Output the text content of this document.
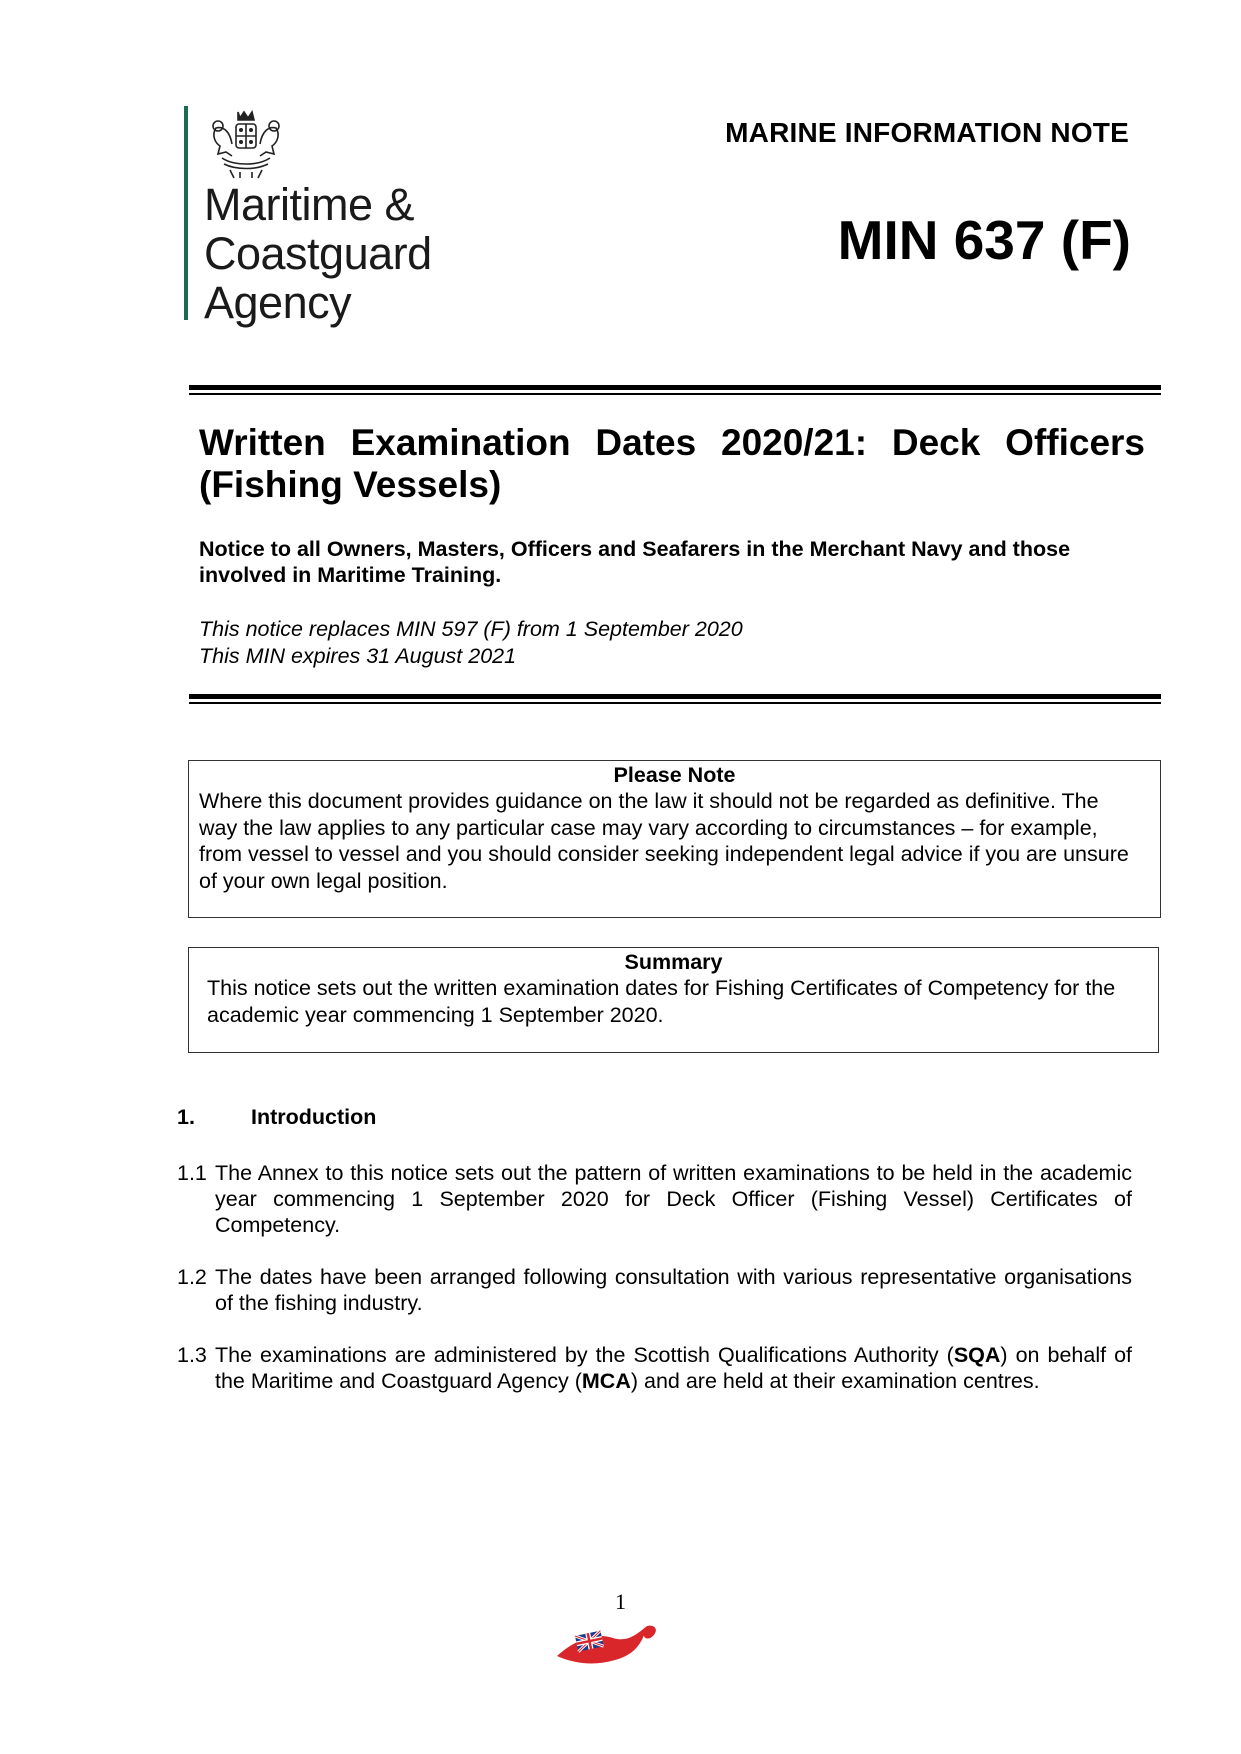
Maritime &
Coastguard
Agency
MARINE INFORMATION NOTE
MIN 637 (F)
Written Examination Dates 2020/21: Deck Officers
(Fishing Vessels)
Notice to all Owners, Masters, Officers and Seafarers in the Merchant Navy and those involved in Maritime Training.
This notice replaces MIN 597 (F) from 1 September 2020
This MIN expires 31 August 2021
Please Note
Where this document provides guidance on the law it should not be regarded as definitive. The way the law applies to any particular case may vary according to circumstances – for example, from vessel to vessel and you should consider seeking independent legal advice if you are unsure of your own legal position.
Summary
This notice sets out the written examination dates for Fishing Certificates of Competency for the academic year commencing 1 September 2020.
1.	Introduction
1.1 The Annex to this notice sets out the pattern of written examinations to be held in the academic year commencing 1 September 2020 for Deck Officer (Fishing Vessel) Certificates of Competency.
1.2 The dates have been arranged following consultation with various representative organisations of the fishing industry.
1.3 The examinations are administered by the Scottish Qualifications Authority (SQA) on behalf of the Maritime and Coastguard Agency (MCA) and are held at their examination centres.
1
